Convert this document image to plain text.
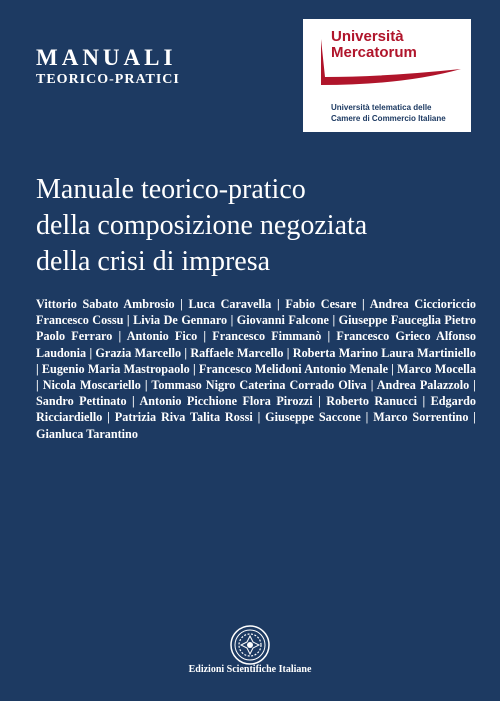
MANUALI
TEORICO-PRATICI
Università
Mercatorum
Università telematica delle
Camere di Commercio Italiane
Manuale teorico-pratico
della composizione negoziata
della crisi di impresa

Vittorio Sabato Ambrosio | Luca Caravella | Fabio Cesare | Andrea Ciccioriccio Francesco Cossu | Livia De Gennaro | Giovanni Falcone | Giuseppe Fauceglia Pietro Paolo Ferraro | Antonio Fico | Francesco Fimmanò | Francesco Grieco Alfonso Laudonia | Grazia Marcello | Raffaele Marcello | Roberta Marino Laura Martiniello | Eugenio Maria Mastropaolo | Francesco Melidoni Antonio Menale | Marco Mocella | Nicola Moscariello | Tommaso Nigro Caterina Corrado Oliva | Andrea Palazzolo | Sandro Pettinato | Antonio Picchione Flora Pirozzi | Roberto Ranucci | Edgardo Ricciardiello | Patrizia Riva Talita Rossi | Giuseppe Saccone | Marco Sorrentino | Gianluca Tarantino

Edizioni Scientifiche Italiane
